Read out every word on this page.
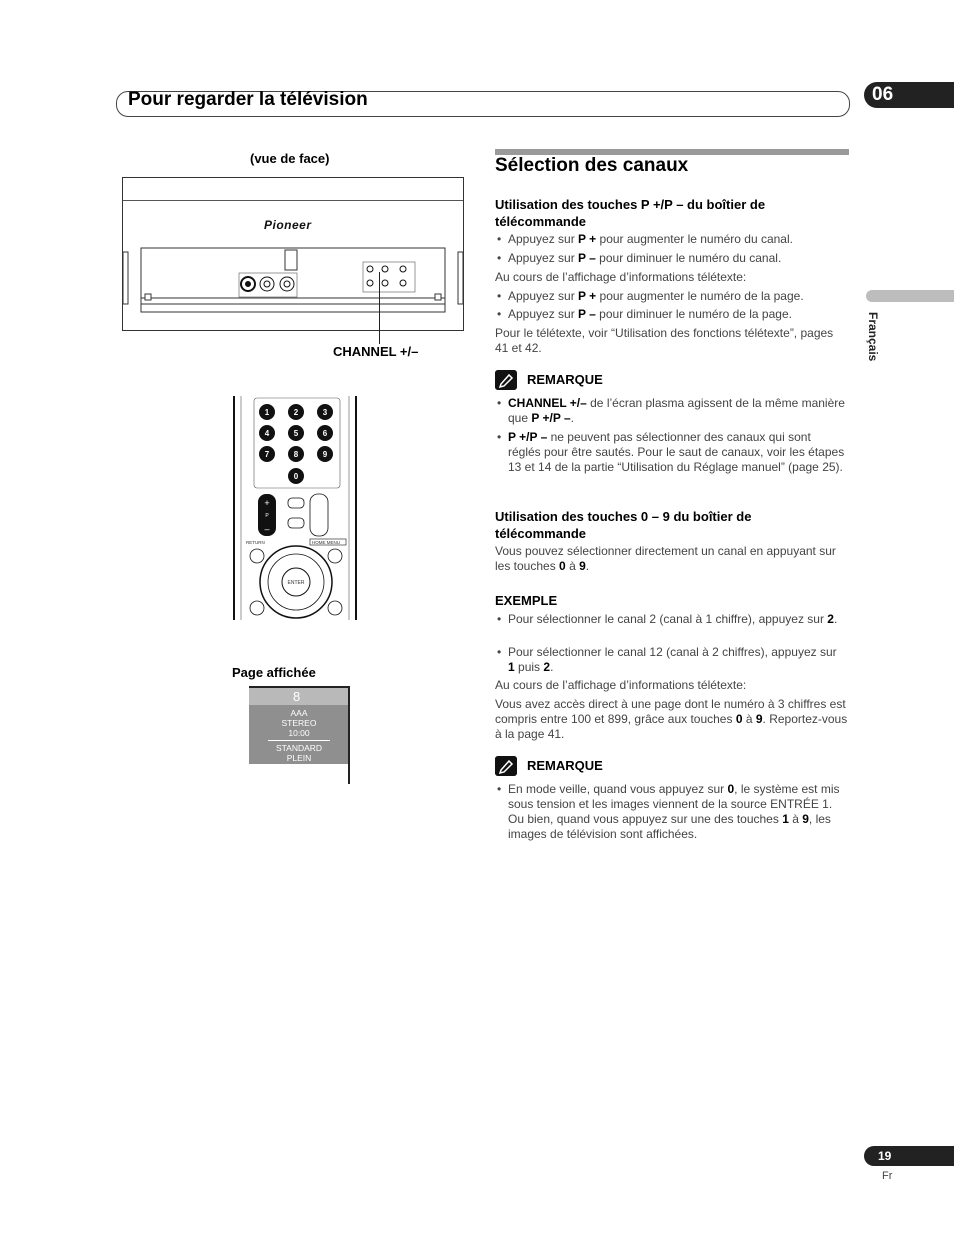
Pour regarder la télévision	06
Français
(vue de face)
Pioneer
CHANNEL +/–
1	2	3
4	5	6
7	8	9
0
+
P
–
RETURN	HOME MENU
ENTER
Page affichée
8
AAA
STEREO
10:00
STANDARD
PLEIN
Sélection des canaux
Utilisation des touches P +/P – du boîtier de télécommande
• Appuyez sur P + pour augmenter le numéro du canal.
• Appuyez sur P – pour diminuer le numéro du canal.
Au cours de l’affichage d’informations télétexte:
• Appuyez sur P + pour augmenter le numéro de la page.
• Appuyez sur P – pour diminuer le numéro de la page.
Pour le télétexte, voir “Utilisation des fonctions télétexte”, pages 41 et 42.
REMARQUE
• CHANNEL +/– de l’écran plasma agissent de la même manière que P +/P –.
• P +/P – ne peuvent pas sélectionner des canaux qui sont réglés pour être sautés. Pour le saut de canaux, voir les étapes 13 et 14 de la partie “Utilisation du Réglage manuel” (page 25).
Utilisation des touches 0 – 9 du boîtier de télécommande
Vous pouvez sélectionner directement un canal en appuyant sur les touches 0 à 9.
EXEMPLE
• Pour sélectionner le canal 2 (canal à 1 chiffre), appuyez sur 2.
• Pour sélectionner le canal 12 (canal à 2 chiffres), appuyez sur 1 puis 2.
Au cours de l’affichage d’informations télétexte:
Vous avez accès direct à une page dont le numéro à 3 chiffres est compris entre 100 et 899, grâce aux touches 0 à 9. Reportez-vous à la page 41.
REMARQUE
• En mode veille, quand vous appuyez sur 0, le système est mis sous tension et les images viennent de la source ENTRÉE 1. Ou bien, quand vous appuyez sur une des touches 1 à 9, les images de télévision sont affichées.
19
Fr
